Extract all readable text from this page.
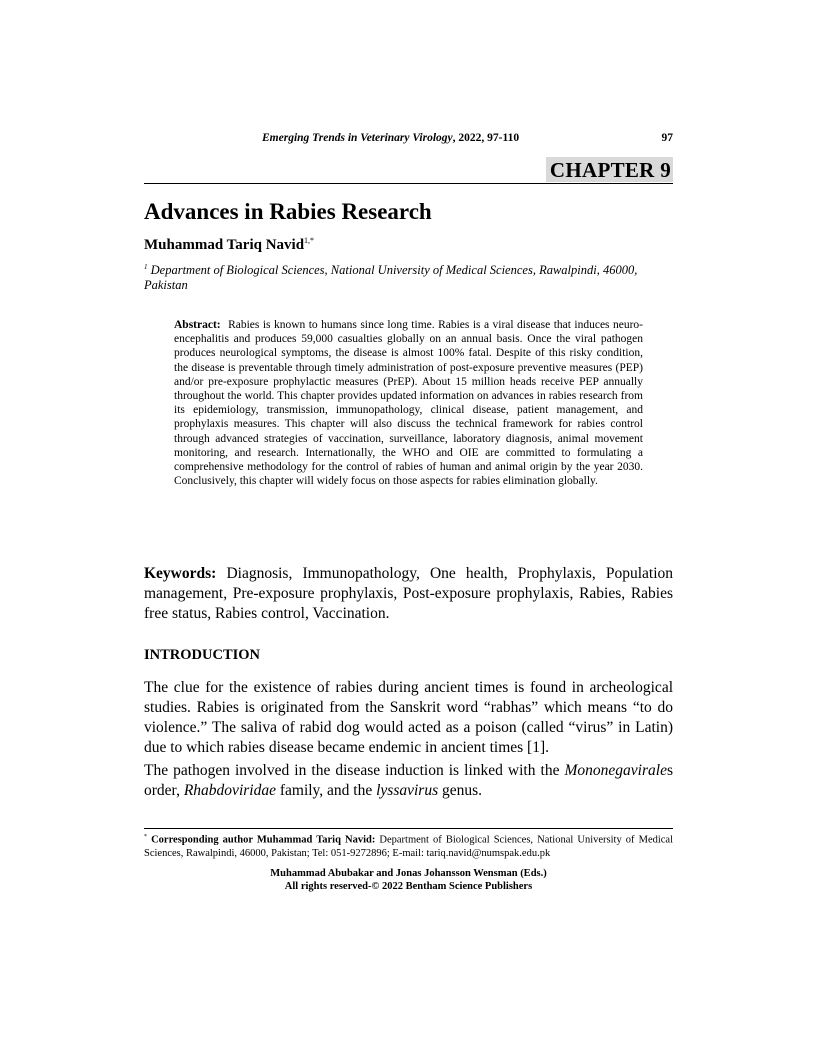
Emerging Trends in Veterinary Virology, 2022, 97-110	97
CHAPTER 9
Advances in Rabies Research
Muhammad Tariq Navid$^{1,*}$
$^1$ Department of Biological Sciences, National University of Medical Sciences, Rawalpindi, 46000, Pakistan
Abstract: Rabies is known to humans since long time. Rabies is a viral disease that induces neuro-encephalitis and produces 59,000 casualties globally on an annual basis. Once the viral pathogen produces neurological symptoms, the disease is almost 100% fatal. Despite of this risky condition, the disease is preventable through timely administration of post-exposure preventive measures (PEP) and/or pre-exposure prophylactic measures (PrEP). About 15 million heads receive PEP annually throughout the world. This chapter provides updated information on advances in rabies research from its epidemiology, transmission, immunopathology, clinical disease, patient management, and prophylaxis measures. This chapter will also discuss the technical framework for rabies control through advanced strategies of vaccination, surveillance, laboratory diagnosis, animal movement monitoring, and research. Internationally, the WHO and OIE are committed to formulating a comprehensive methodology for the control of rabies of human and animal origin by the year 2030. Conclusively, this chapter will widely focus on those aspects for rabies elimination globally.
Keywords: Diagnosis, Immunopathology, One health, Prophylaxis, Population management, Pre-exposure prophylaxis, Post-exposure prophylaxis, Rabies, Rabies free status, Rabies control, Vaccination.
INTRODUCTION
The clue for the existence of rabies during ancient times is found in archeological studies. Rabies is originated from the Sanskrit word “rabhas” which means “to do violence.” The saliva of rabid dog would acted as a poison (called “virus” in Latin) due to which rabies disease became endemic in ancient times [1].
The pathogen involved in the disease induction is linked with the Mononegavirales order, Rhabdoviridae family, and the lyssavirus genus.
* Corresponding author Muhammad Tariq Navid: Department of Biological Sciences, National University of Medical Sciences, Rawalpindi, 46000, Pakistan; Tel: 051-9272896; E-mail: tariq.navid@numspak.edu.pk
Muhammad Abubakar and Jonas Johansson Wensman (Eds.)
All rights reserved-© 2022 Bentham Science Publishers
